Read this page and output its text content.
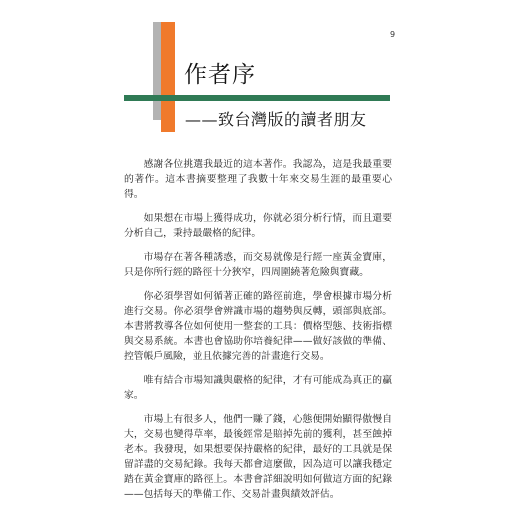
9
作者序
——致台灣版的讀者朋友

感謝各位挑選我最近的這本著作。我認為，這是我最重要的著作。這本書摘要整理了我數十年來交易生涯的最重要心得。

如果想在市場上獲得成功，你就必須分析行情，而且還要分析自己，秉持最嚴格的紀律。

市場存在著各種誘惑，而交易就像是行經一座黃金寶庫，只是你所行經的路徑十分狹窄，四周圍繞著危險與寶藏。

你必須學習如何循著正確的路徑前進，學會根據市場分析進行交易。你必須學會辨識市場的趨勢與反轉，頭部與底部。本書將教導各位如何使用一整套的工具：價格型態、技術指標與交易系統。本書也會協助你培養紀律——做好該做的準備、控管帳戶風險，並且依據完善的計畫進行交易。

唯有結合市場知識與嚴格的紀律，才有可能成為真正的贏家。

市場上有很多人，他們一賺了錢，心態便開始顯得傲慢自大，交易也變得草率，最後經常是賠掉先前的獲利，甚至蝕掉老本。我發現，如果想要保持嚴格的紀律，最好的工具就是保留詳盡的交易紀錄。我每天都會這麼做，因為這可以讓我穩定踏在黃金寶庫的路徑上。本書會詳細說明如何做這方面的紀錄——包括每天的準備工作、交易計畫與績效評估。
